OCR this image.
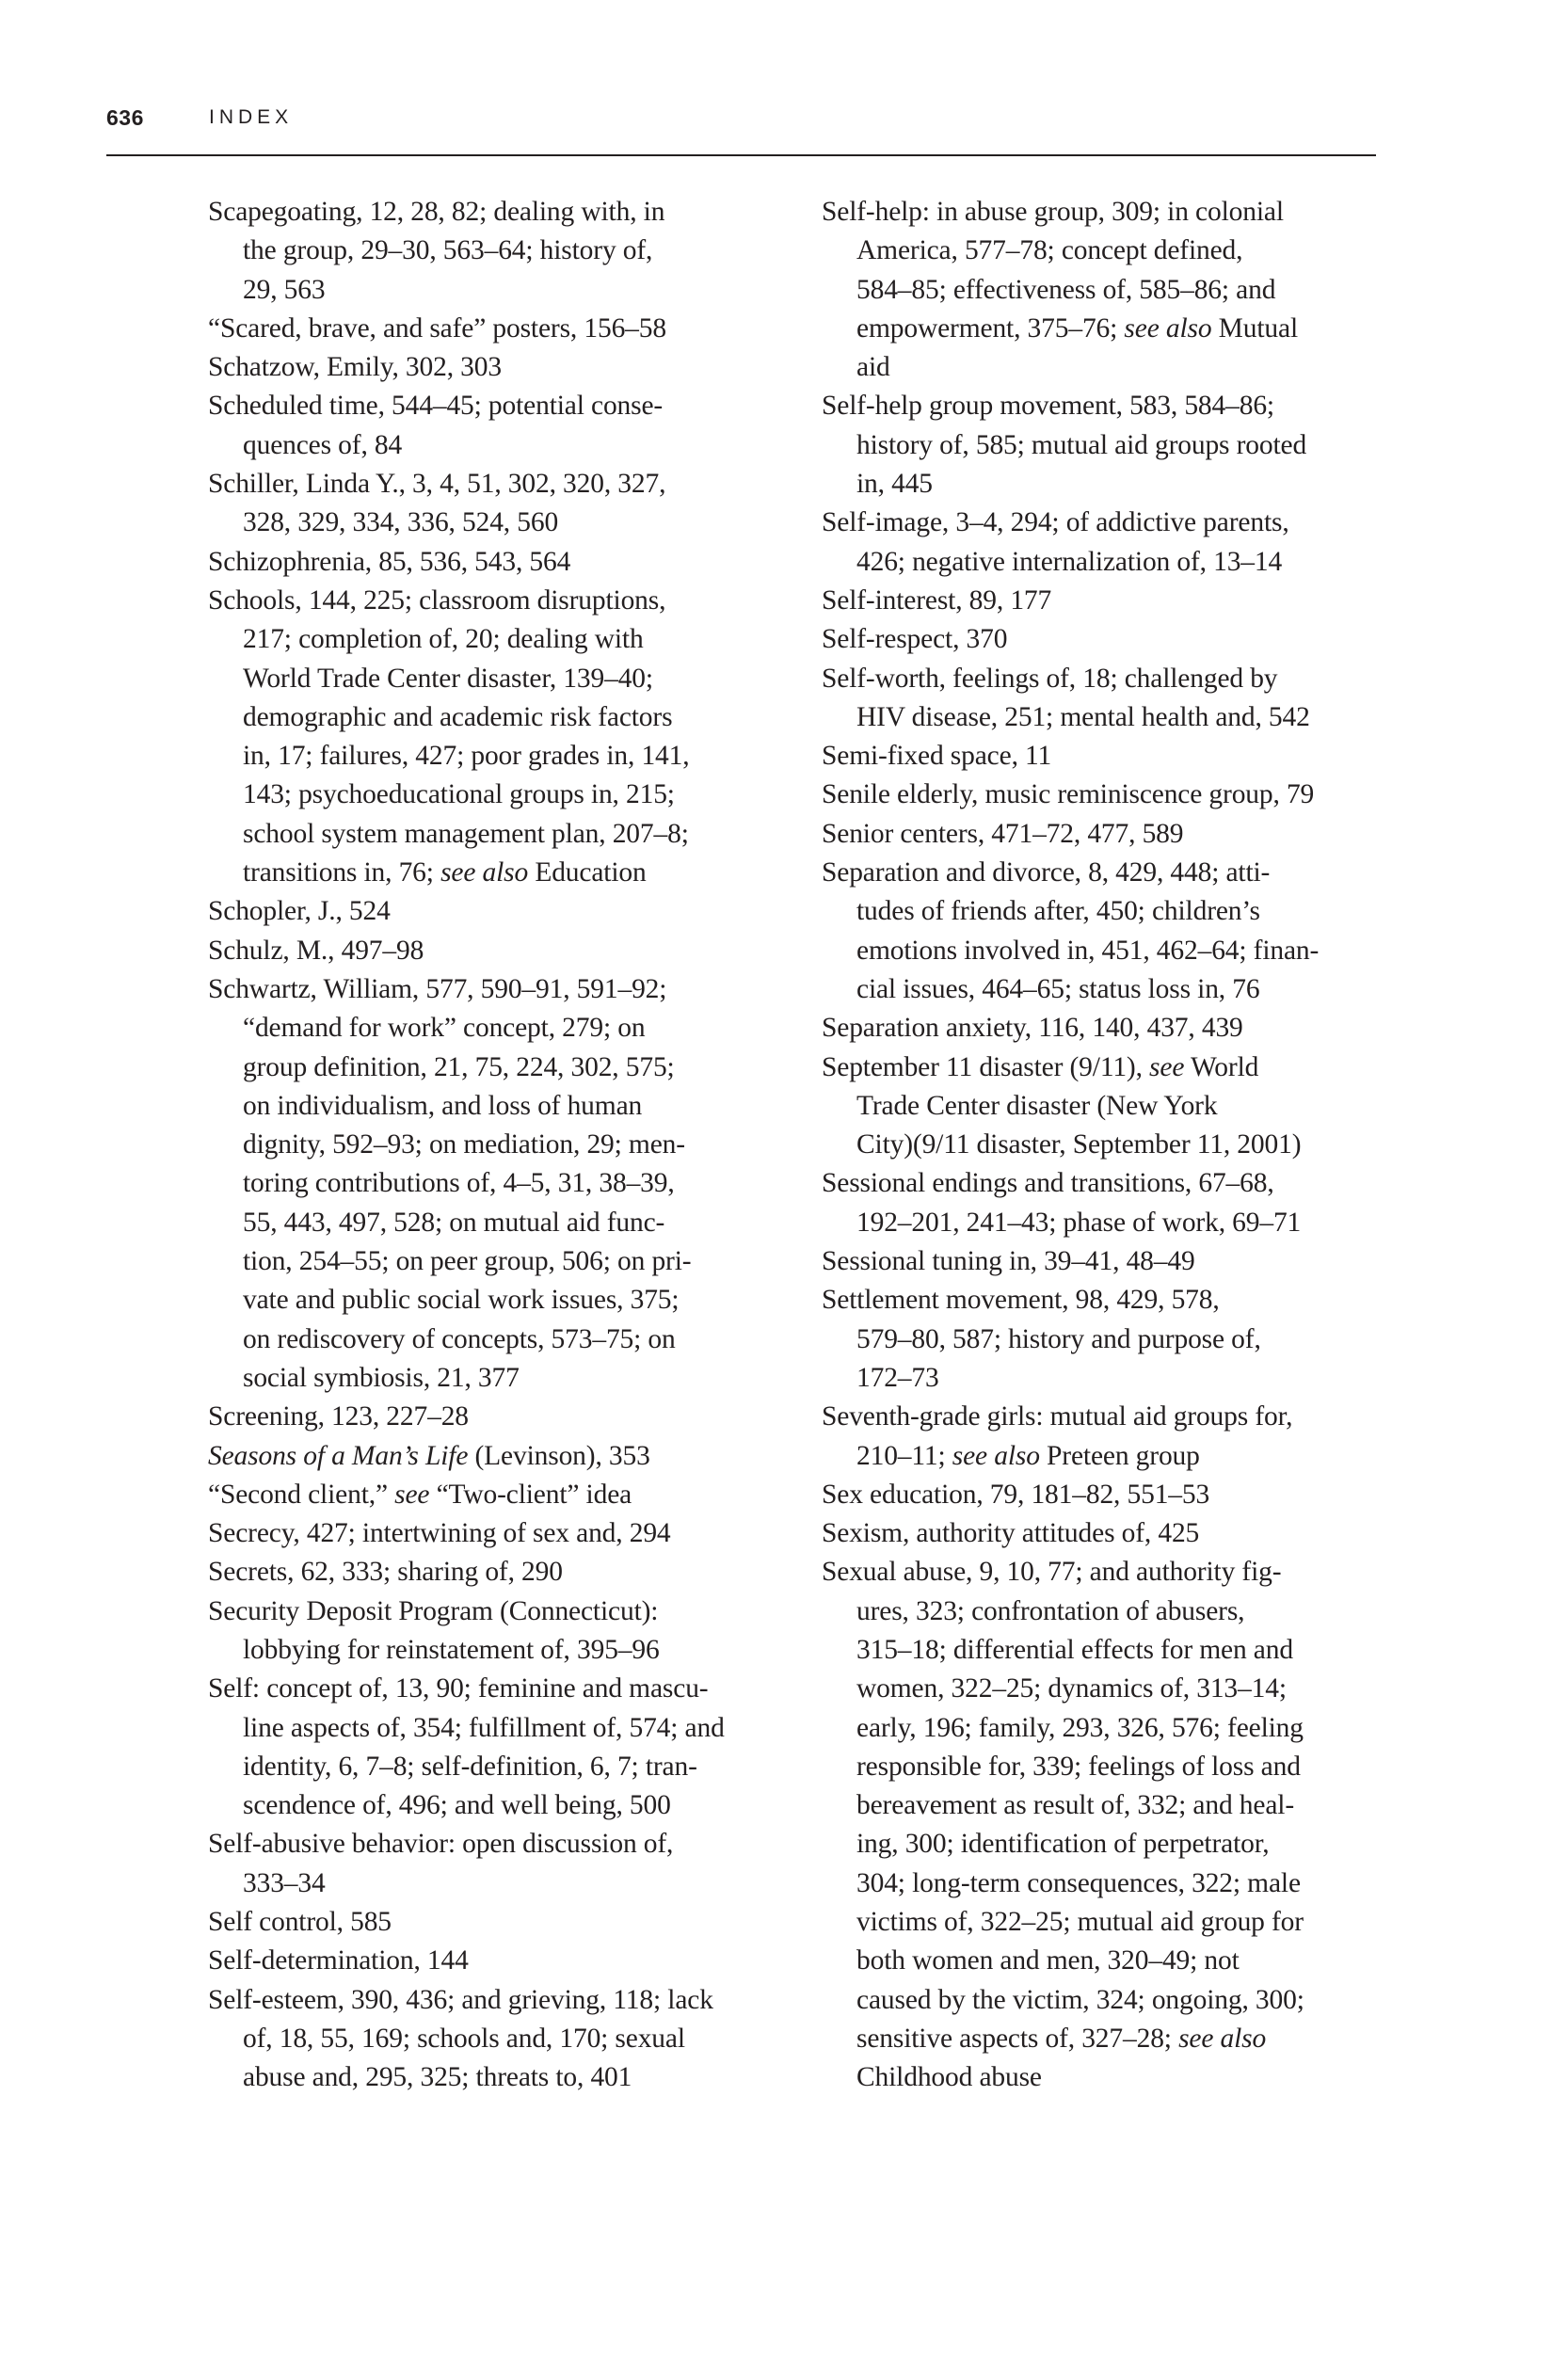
636	INDEX
Scapegoating, 12, 28, 82; dealing with, in
the group, 29–30, 563–64; history of,
29, 563
“Scared, brave, and safe” posters, 156–58
Schatzow, Emily, 302, 303
Scheduled time, 544–45; potential conse-
quences of, 84
Schiller, Linda Y., 3, 4, 51, 302, 320, 327,
328, 329, 334, 336, 524, 560
Schizophrenia, 85, 536, 543, 564
Schools, 144, 225; classroom disruptions,
217; completion of, 20; dealing with
World Trade Center disaster, 139–40;
demographic and academic risk factors
in, 17; failures, 427; poor grades in, 141,
143; psychoeducational groups in, 215;
school system management plan, 207–8;
transitions in, 76; see also Education
Schopler, J., 524
Schulz, M., 497–98
Schwartz, William, 577, 590–91, 591–92;
“demand for work” concept, 279; on
group definition, 21, 75, 224, 302, 575;
on individualism, and loss of human
dignity, 592–93; on mediation, 29; men-
toring contributions of, 4–5, 31, 38–39,
55, 443, 497, 528; on mutual aid func-
tion, 254–55; on peer group, 506; on pri-
vate and public social work issues, 375;
on rediscovery of concepts, 573–75; on
social symbiosis, 21, 377
Screening, 123, 227–28
Seasons of a Man’s Life (Levinson), 353
“Second client,” see “Two-client” idea
Secrecy, 427; intertwining of sex and, 294
Secrets, 62, 333; sharing of, 290
Security Deposit Program (Connecticut):
lobbying for reinstatement of, 395–96
Self: concept of, 13, 90; feminine and mascu-
line aspects of, 354; fulfillment of, 574; and
identity, 6, 7–8; self-definition, 6, 7; tran-
scendence of, 496; and well being, 500
Self-abusive behavior: open discussion of,
333–34
Self control, 585
Self-determination, 144
Self-esteem, 390, 436; and grieving, 118; lack
of, 18, 55, 169; schools and, 170; sexual
abuse and, 295, 325; threats to, 401
Self-help: in abuse group, 309; in colonial
America, 577–78; concept defined,
584–85; effectiveness of, 585–86; and
empowerment, 375–76; see also Mutual
aid
Self-help group movement, 583, 584–86;
history of, 585; mutual aid groups rooted
in, 445
Self-image, 3–4, 294; of addictive parents,
426; negative internalization of, 13–14
Self-interest, 89, 177
Self-respect, 370
Self-worth, feelings of, 18; challenged by
HIV disease, 251; mental health and, 542
Semi-fixed space, 11
Senile elderly, music reminiscence group, 79
Senior centers, 471–72, 477, 589
Separation and divorce, 8, 429, 448; atti-
tudes of friends after, 450; children’s
emotions involved in, 451, 462–64; finan-
cial issues, 464–65; status loss in, 76
Separation anxiety, 116, 140, 437, 439
September 11 disaster (9/11), see World
Trade Center disaster (New York
City)(9/11 disaster, September 11, 2001)
Sessional endings and transitions, 67–68,
192–201, 241–43; phase of work, 69–71
Sessional tuning in, 39–41, 48–49
Settlement movement, 98, 429, 578,
579–80, 587; history and purpose of,
172–73
Seventh-grade girls: mutual aid groups for,
210–11; see also Preteen group
Sex education, 79, 181–82, 551–53
Sexism, authority attitudes of, 425
Sexual abuse, 9, 10, 77; and authority fig-
ures, 323; confrontation of abusers,
315–18; differential effects for men and
women, 322–25; dynamics of, 313–14;
early, 196; family, 293, 326, 576; feeling
responsible for, 339; feelings of loss and
bereavement as result of, 332; and heal-
ing, 300; identification of perpetrator,
304; long-term consequences, 322; male
victims of, 322–25; mutual aid group for
both women and men, 320–49; not
caused by the victim, 324; ongoing, 300;
sensitive aspects of, 327–28; see also
Childhood abuse
